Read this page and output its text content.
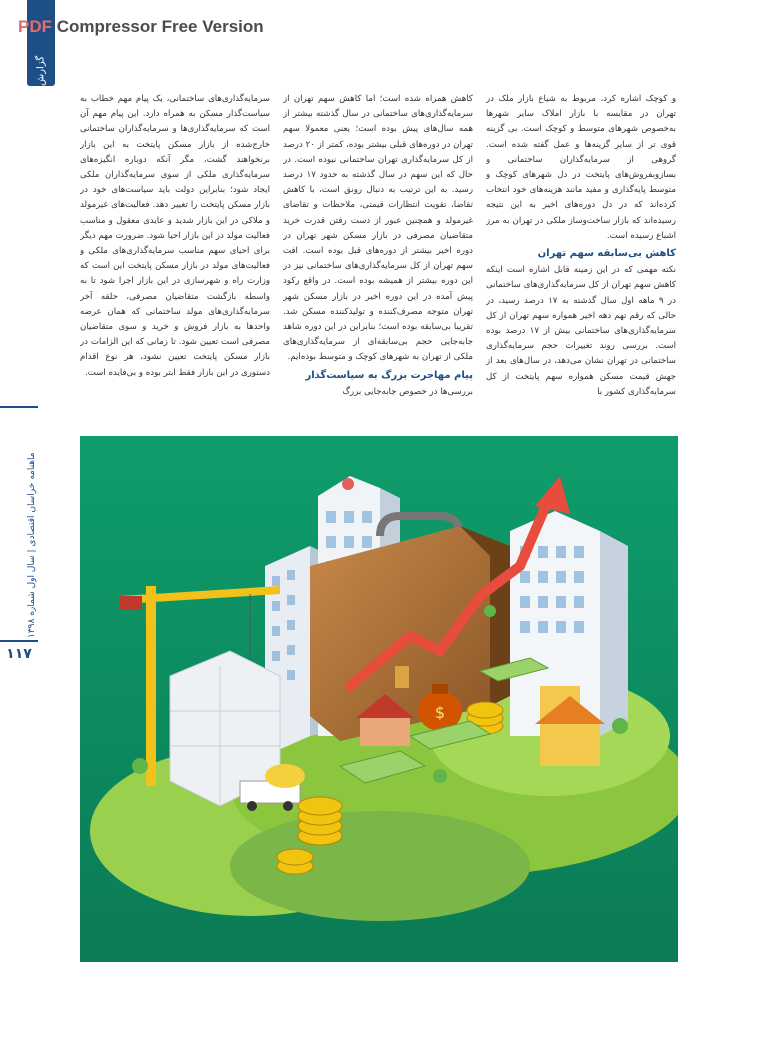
PDF Compressor Free Version
گزارش
ماهنامه خراسان اقتصادی | سال اول شماره ۱۳۹۸
۱۱۷

و کوچک اشاره کرد، مربوط به شیاع بازار ملک در تهران در مقایسه با بازار املاک سایر شهرها به‌خصوص شهرهای متوسط و کوچک است. بی گزینه قوی تر از سایر گزینه‌ها و عمل گفته شده است. گروهی از سرمایه‌گذاران ساختمانی و بسازوبفروش‌های پایتخت در دل شهرهای کوچک و متوسط پایه‌گذاری و مفید مانند هزینه‌های خود انتخاب کرده‌اند که در دل دوره‌های اخیر به این نتیجه رسیده‌اند که بازار ساخت‌وساز ملکی در تهران به مرز اشباع رسیده است.

کاهش بی‌سابقه سهم تهران

نکته مهمی که در این زمینه قابل اشاره است اینکه کاهش سهم تهران از کل سرمایه‌گذاری‌های ساختمانی در ۹ ماهه اول سال گذشته به ۱۷ درصد رسید، در حالی که رقم تهم دهه اخیر همواره سهم تهران از کل سرمایه‌گذاری‌های ساختمانی بیش از ۱۷ درصد بوده است. بررسی روند تغییرات حجم سرمایه‌گذاری ساختمانی در تهران نشان می‌دهد، در سال‌های بعد از جهش قیمت مسکن همواره سهم پایتخت از کل سرمایه‌گذاری کشور با

کاهش همراه شده است؛ اما کاهش سهم تهران از سرمایه‌گذاری‌های ساختمانی در سال گذشته بیشتر از همه سال‌های پیش بوده است؛ یعنی معمولا سهم تهران در دوره‌های قبلی بیشتر بوده، کمتر از ۲۰ درصد از کل سرمایه‌گذاری تهران ساختمانی نبوده است. در حال که این سهم در سال گذشته به حدود ۱۷ درصد رسید. به این ترتیب به دنبال رونق است، با کاهش تقاضا، تقویت انتظارات قیمتی، ملاحظات و تقاضای غیرمولد و همچنین عبور از دست رفتن قدرت خرید متقاضیان مصرفی در بازار مسکن شهر تهران در دوره اخیر بیشتر از دوره‌های قبل بوده است. افت سهم تهران از کل سرمایه‌گذاری‌های ساختمانی نیز در این دوره بیشتر از همیشه بوده است. در واقع رکود پیش آمده در این دوره اخیر در بازار مسکن شهر تهران متوجه مصرف‌کننده و تولیدکننده مسکن شد. تقریبا بی‌سابقه بوده است؛ بنابراین در این دوره شاهد جابه‌جایی حجم بی‌سابقه‌ای از سرمایه‌گذاری‌های ملکی از تهران به شهرهای کوچک و متوسط بوده‌ایم.

پیام مهاجرت بزرگ به سیاست‌گذار

بررسی‌ها در خصوص جابه‌جایی بزرگ

سرمایه‌گذاری‌های ساختمانی، یک پیام مهم خطاب به سیاست‌گذار مسکن به همراه دارد. این پیام مهم آن است که سرمایه‌گذاری‌ها و سرمایه‌گذاران ساختمانی خارج‌شده از بازار مسکن پایتخت به این بازار برنخواهند گشت، مگر آنکه دوباره انگیزه‌های سرمایه‌گذاری ملکی از سوی سرمایه‌گذاران ملکی ایجاد شود؛ بنابراین دولت باید سیاست‌های خود در بازار مسکن پایتخت را تغییر دهد. فعالیت‌های غیرمولد و ملاکی در این بازار شدید و عایدی معقول و مناسب فعالیت مولد در این بازار احیا شود. ضرورت مهم دیگر برای احیای سهم مناسب سرمایه‌گذاری‌های ملکی و فعالیت‌های مولد در بازار مسکن پایتخت این است که وزارت راه و شهرسازی در این بازار اجرا شود تا به واسطه بازگشت متقاضیان مصرفی، حلقه آخر سرمایه‌گذاری‌های مولد ساختمانی که همان عرضه واحدها به بازار فروش و خرید و سوی متقاضیان مصرفی است تعیین شود. تا زمانی که این الزامات در بازار مسکن پایتخت تعیین نشود، هر نوع اقدام دستوری در این بازار فقط ابتر بوده و بی‌فایده است.

$
